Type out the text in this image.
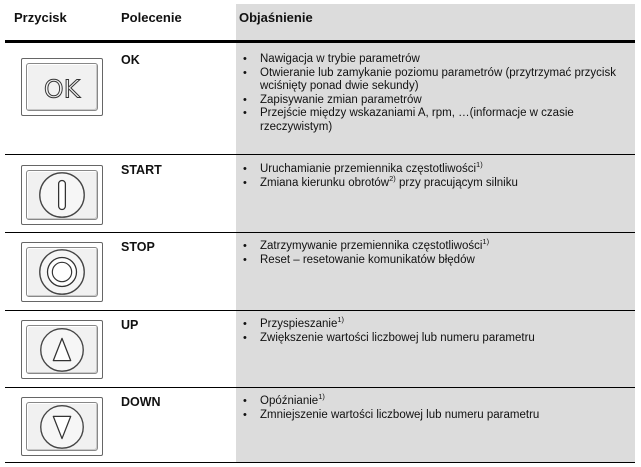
Przycisk	Polecenie	Objaśnienie
OK
OK	• Nawigacja w trybie parametrów
• Otwieranie lub zamykanie poziomu parametrów (przytrzymać przycisk wciśnięty ponad dwie sekundy)
• Zapisywanie zmian parametrów
• Przejście między wskazaniami A, rpm, …(informacje w czasie rzeczywistym)
START	• Uruchamianie przemiennika częstotliwości$^{1)}$
• Zmiana kierunku obrotów$^{2)}$ przy pracującym silniku
STOP	• Zatrzymywanie przemiennika częstotliwości$^{1)}$
• Reset – resetowanie komunikatów błędów
UP	• Przyspieszanie$^{1)}$
• Zwiększenie wartości liczbowej lub numeru parametru
DOWN	• Opóźnianie$^{1)}$
• Zmniejszenie wartości liczbowej lub numeru parametru
